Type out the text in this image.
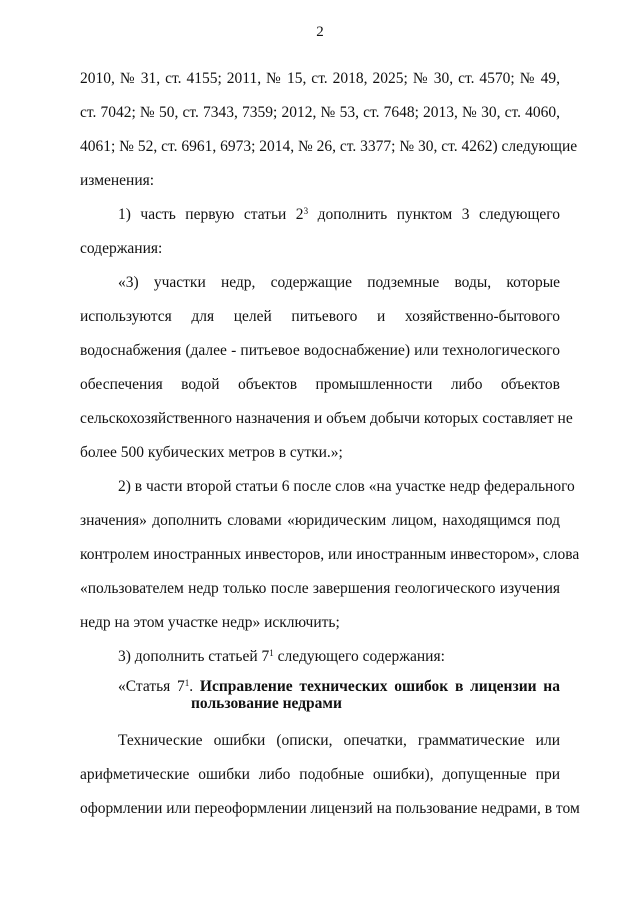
2
2010, № 31, ст. 4155; 2011, № 15, ст. 2018, 2025; № 30, ст. 4570; № 49,
ст. 7042; № 50, ст. 7343, 7359; 2012, № 53, ст. 7648; 2013, № 30, ст. 4060,
4061; № 52, ст. 6961, 6973; 2014, № 26, ст. 3377; № 30, ст. 4262) следующие
изменения:
1) часть первую статьи $2^3$ дополнить пунктом 3 следующего
содержания:
«3) участки недр, содержащие подземные воды, которые
используются для целей питьевого и хозяйственно-бытового
водоснабжения (далее - питьевое водоснабжение) или технологического
обеспечения водой объектов промышленности либо объектов
сельскохозяйственного назначения и объем добычи которых составляет не
более 500 кубических метров в сутки.»;
2) в части второй статьи 6 после слов «на участке недр федерального
значения» дополнить словами «юридическим лицом, находящимся под
контролем иностранных инвесторов, или иностранным инвестором», слова
«пользователем недр только после завершения геологического изучения
недр на этом участке недр» исключить;
3) дополнить статьей $7^1$ следующего содержания:
«Статья $7^1$. Исправление технических ошибок в лицензии на
пользование недрами
Технические ошибки (описки, опечатки, грамматические или
арифметические ошибки либо подобные ошибки), допущенные при
оформлении или переоформлении лицензий на пользование недрами, в том
